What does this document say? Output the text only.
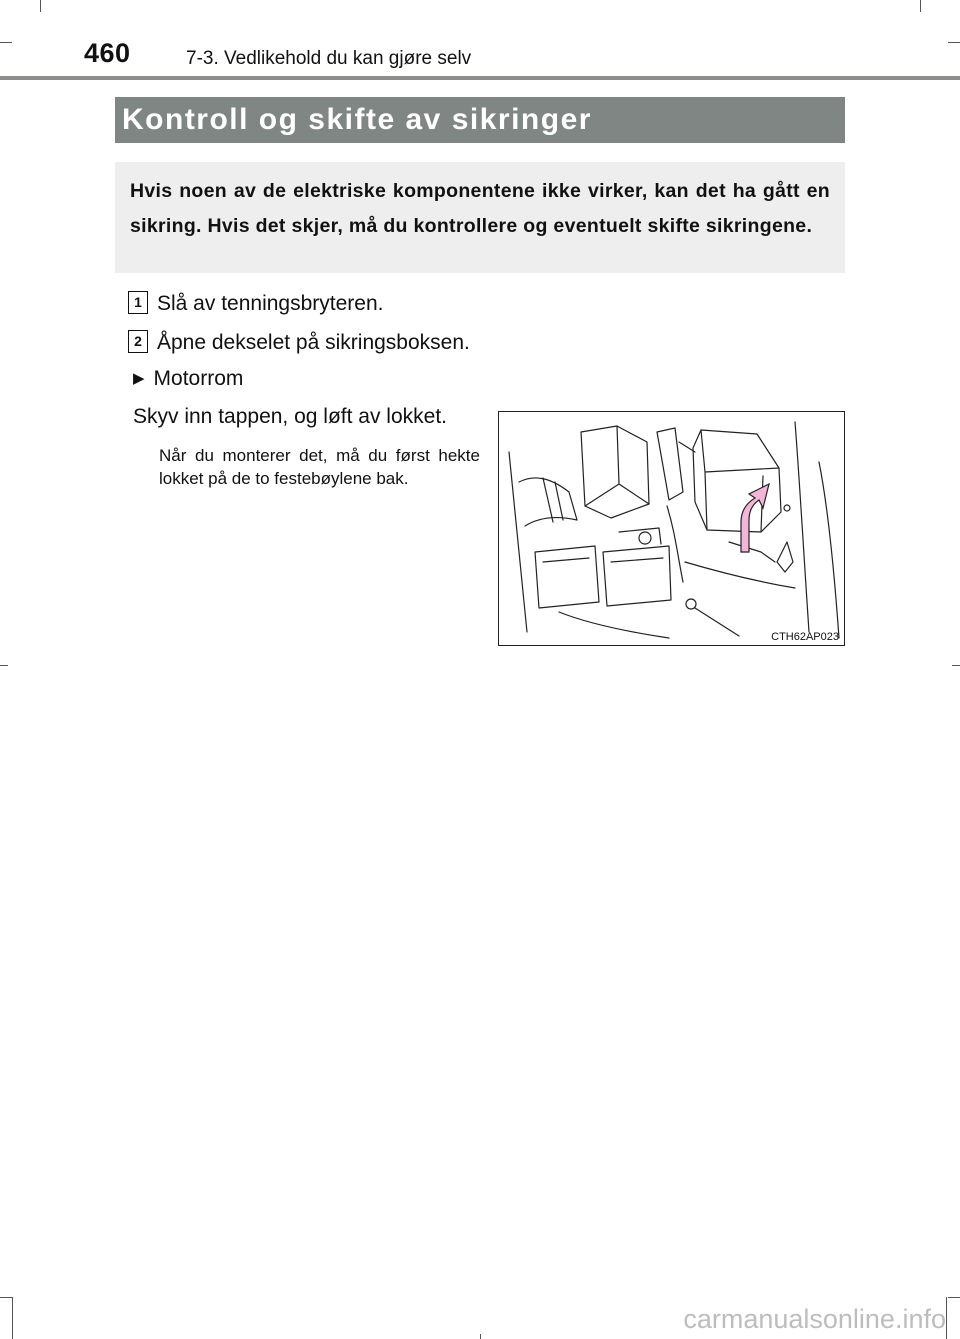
460	7-3. Vedlikehold du kan gjøre selv
Kontroll og skifte av sikringer

Hvis noen av de elektriske komponentene ikke virker, kan det ha gått en sikring. Hvis det skjer, må du kontrollere og eventuelt skifte sikringene.

1 Slå av tenningsbryteren.
2 Åpne dekselet på sikringsboksen.
▶ Motorrom
Skyv inn tappen, og løft av lokket.
Når du monterer det, må du først hekte lokket på de to festebøylene bak.
CTH62AP023
carmanualsonline.info
